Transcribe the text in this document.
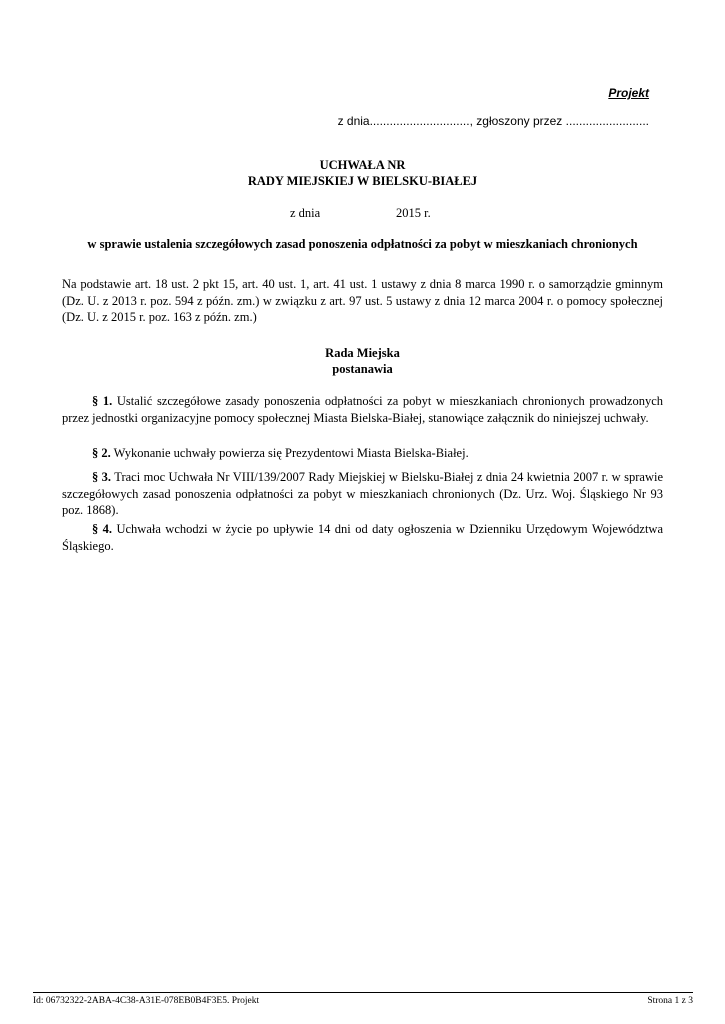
Projekt
z dnia.............................., zgłoszony przez .........................
UCHWAŁA NR
RADY MIEJSKIEJ W BIELSKU-BIAŁEJ
z dnia	2015 r.
w sprawie ustalenia szczegółowych zasad ponoszenia odpłatności za pobyt w mieszkaniach chronionych
Na podstawie art. 18 ust. 2 pkt 15, art. 40 ust. 1, art. 41 ust. 1 ustawy z dnia 8 marca 1990 r. o samorządzie gminnym (Dz. U. z 2013 r. poz. 594 z późn. zm.) w związku z art. 97 ust. 5 ustawy z dnia 12 marca 2004 r. o pomocy społecznej (Dz. U. z 2015 r. poz. 163 z późn. zm.)
Rada Miejska
postanawia
§ 1. Ustalić szczegółowe zasady ponoszenia odpłatności za pobyt w mieszkaniach chronionych prowadzonych przez jednostki organizacyjne pomocy społecznej Miasta Bielska-Białej, stanowiące załącznik do niniejszej uchwały.
§ 2. Wykonanie uchwały powierza się Prezydentowi Miasta Bielska-Białej.
§ 3. Traci moc Uchwała Nr VIII/139/2007 Rady Miejskiej w Bielsku-Białej z dnia 24 kwietnia 2007 r. w sprawie szczegółowych zasad ponoszenia odpłatności za pobyt w mieszkaniach chronionych (Dz. Urz. Woj. Śląskiego Nr 93 poz. 1868).
§ 4. Uchwała wchodzi w życie po upływie 14 dni od daty ogłoszenia w Dzienniku Urzędowym Województwa Śląskiego.
Id: 06732322-2ABA-4C38-A31E-078EB0B4F3E5. Projekt	Strona 1 z 3
